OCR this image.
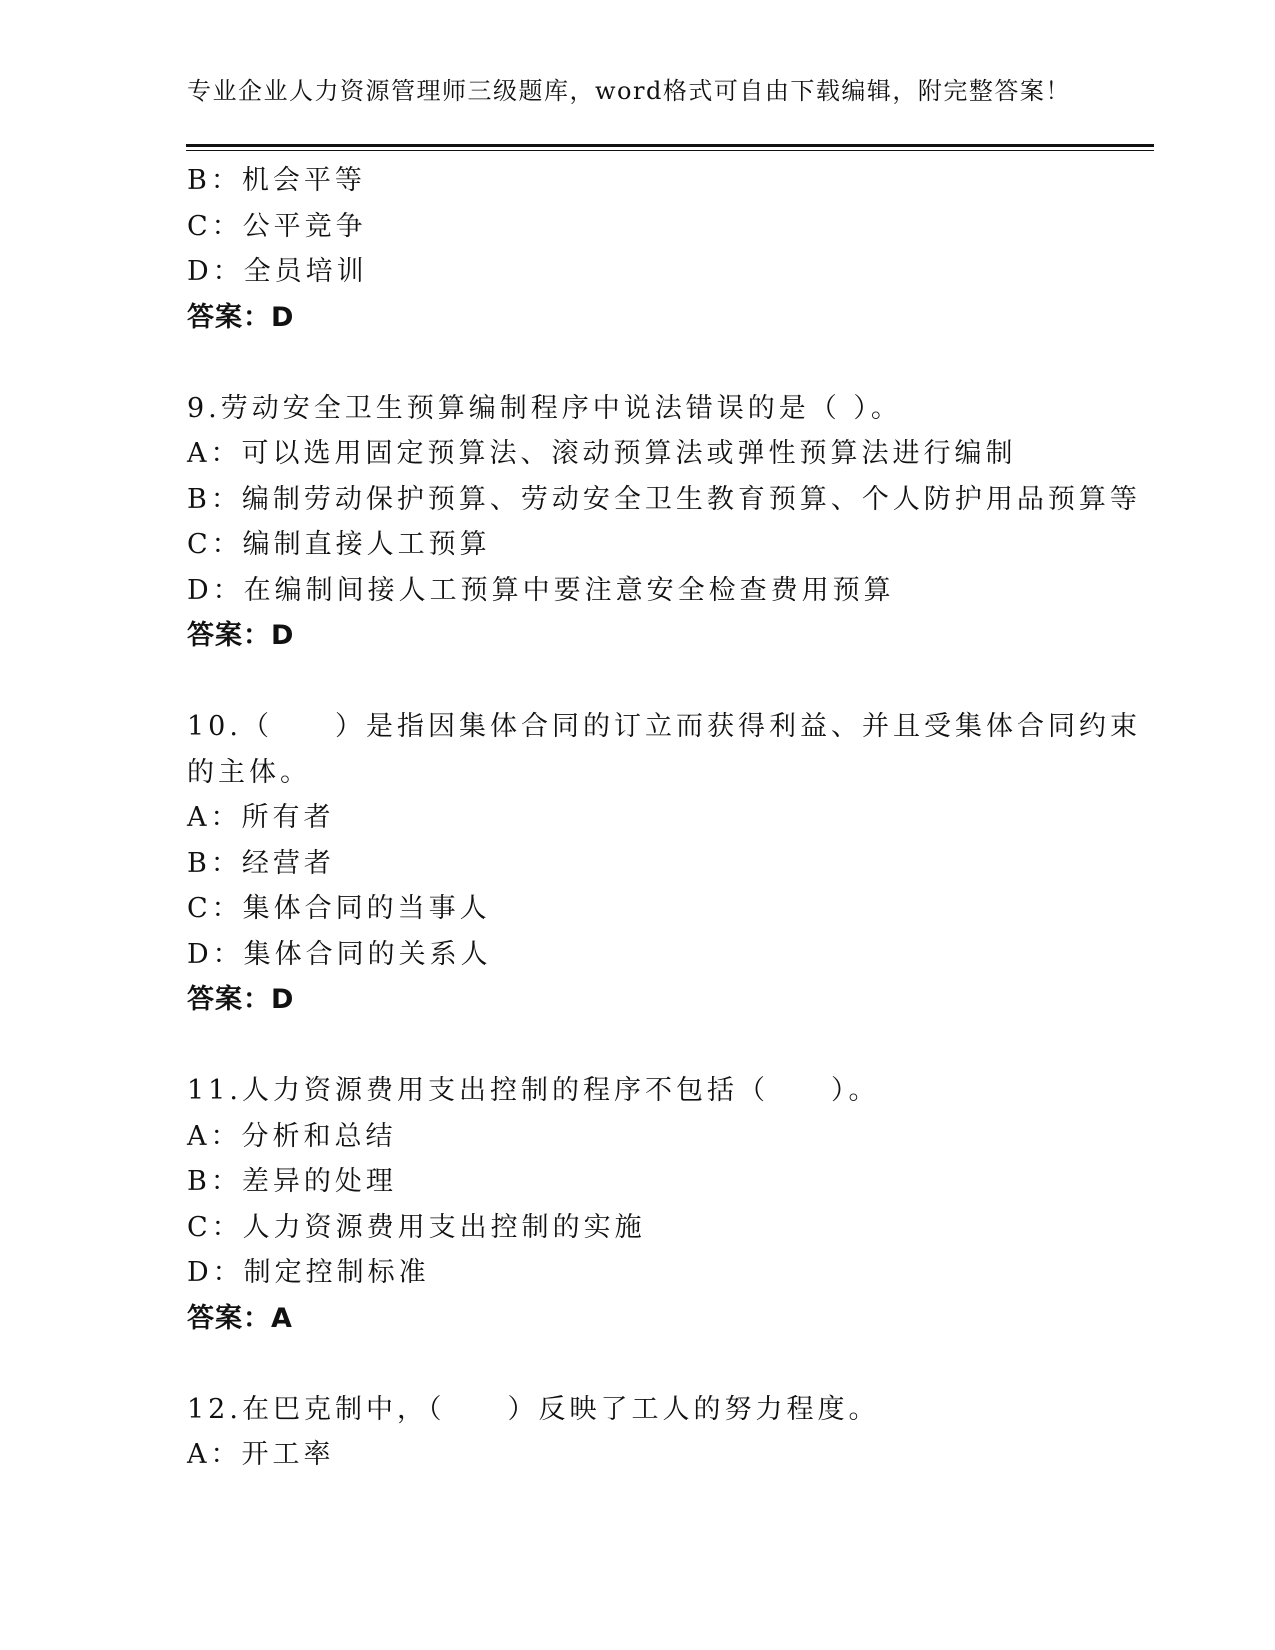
专业企业人力资源管理师三级题库，word格式可自由下载编辑，附完整答案！
B：机会平等
C：公平竞争
D：全员培训
答案：D
9.劳动安全卫生预算编制程序中说法错误的是（ ）。
A：可以选用固定预算法、滚动预算法或弹性预算法进行编制
B：编制劳动保护预算、劳动安全卫生教育预算、个人防护用品预算等
C：编制直接人工预算
D：在编制间接人工预算中要注意安全检查费用预算
答案：D
10.（　　）是指因集体合同的订立而获得利益、并且受集体合同约束
的主体。
A：所有者
B：经营者
C：集体合同的当事人
D：集体合同的关系人
答案：D
11.人力资源费用支出控制的程序不包括（　　）。
A：分析和总结
B：差异的处理
C：人力资源费用支出控制的实施
D：制定控制标准
答案：A
12.在巴克制中，（　　）反映了工人的努力程度。
A：开工率
